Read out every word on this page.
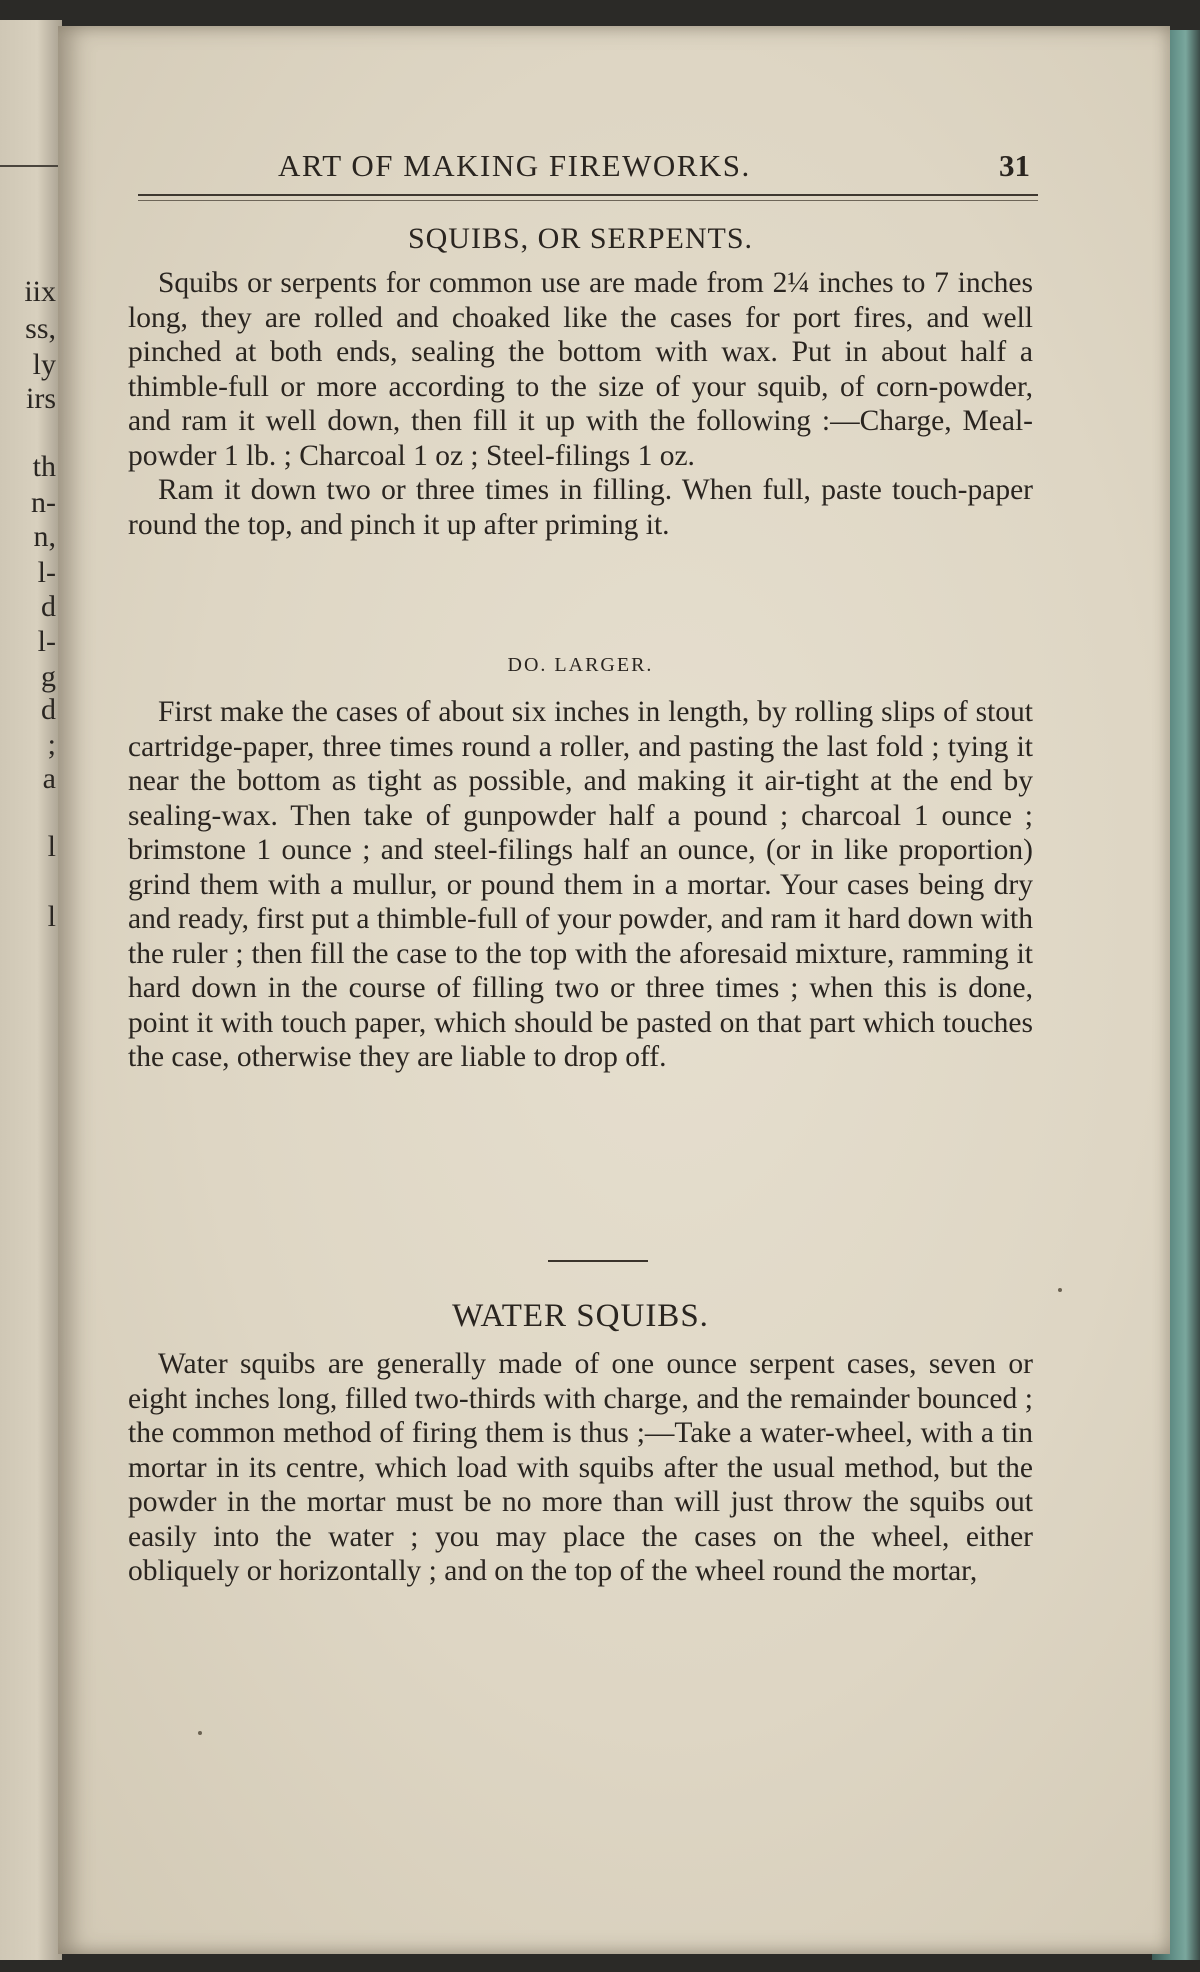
iix
ss,
ly
irs
th
n-
n,
l-
d
l-
g
d
;
a
l
l
ART OF MAKING FIREWORKS.	31
SQUIBS, OR SERPENTS.

Squibs or serpents for common use are made from 2¼ inches to 7 inches long, they are rolled and choaked like the cases for port fires, and well pinched at both ends, sealing the bottom with wax. Put in about half a thimble-full or more according to the size of your squib, of corn-powder, and ram it well down, then fill it up with the following :—Charge, Meal-powder 1 lb. ; Charcoal 1 oz ; Steel-filings 1 oz.

Ram it down two or three times in filling. When full, paste touch-paper round the top, and pinch it up after priming it.

DO. LARGER.

First make the cases of about six inches in length, by rolling slips of stout cartridge-paper, three times round a roller, and pasting the last fold ; tying it near the bottom as tight as possible, and making it air-tight at the end by sealing-wax. Then take of gunpowder half a pound ; charcoal 1 ounce ; brimstone 1 ounce ; and steel-filings half an ounce, (or in like proportion) grind them with a mullur, or pound them in a mortar. Your cases being dry and ready, first put a thimble-full of your powder, and ram it hard down with the ruler ; then fill the case to the top with the aforesaid mixture, ramming it hard down in the course of filling two or three times ; when this is done, point it with touch paper, which should be pasted on that part which touches the case, otherwise they are liable to drop off.

WATER SQUIBS.

Water squibs are generally made of one ounce serpent cases, seven or eight inches long, filled two-thirds with charge, and the remainder bounced ; the common method of firing them is thus ;—Take a water-wheel, with a tin mortar in its centre, which load with squibs after the usual method, but the powder in the mortar must be no more than will just throw the squibs out easily into the water ; you may place the cases on the wheel, either obliquely or horizontally ; and on the top of the wheel round the mortar,
